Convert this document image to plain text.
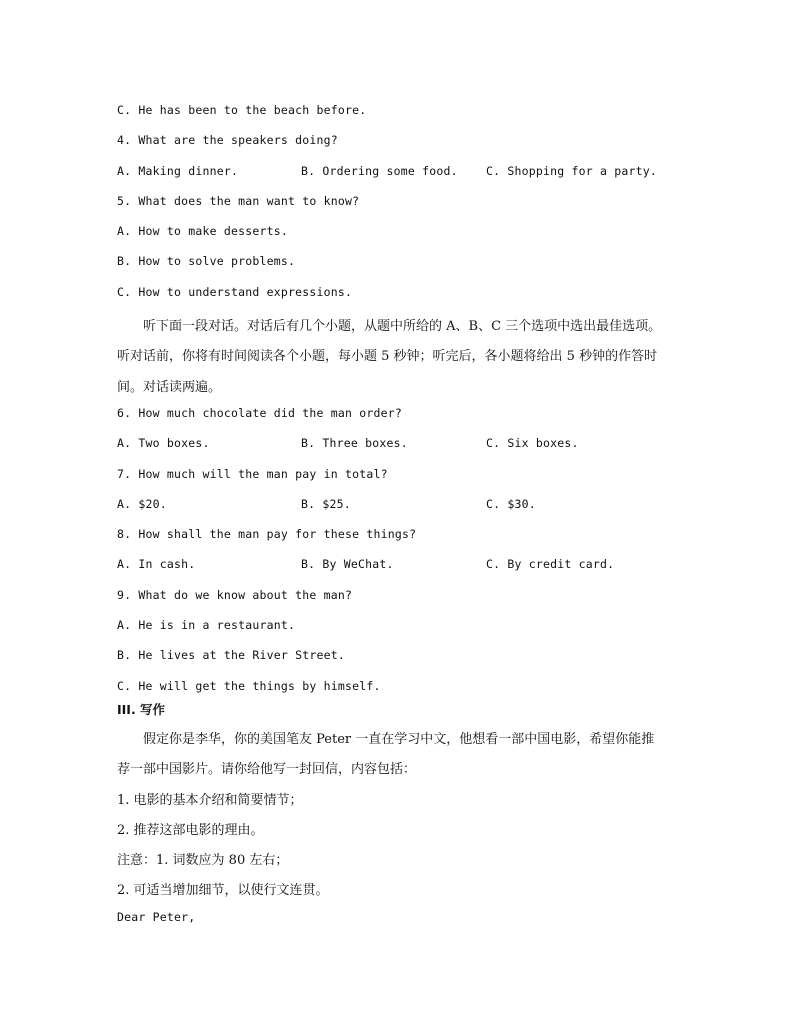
C. He has been to the beach before.
4. What are the speakers doing?
A. Making dinner.	B. Ordering some food. C. Shopping for a party.
5. What does the man want to know?
A. How to make desserts.
B. How to solve problems.
C. How to understand expressions.
听下面一段对话。对话后有几个小题，从题中所给的 A、B、C 三个选项中选出最佳选项。
听对话前，你将有时间阅读各个小题，每小题 5 秒钟；听完后，各小题将给出 5 秒钟的作答时
间。对话读两遍。
6. How much chocolate did the man order?
A. Two boxes.	B. Three boxes.	C. Six boxes.
7. How much will the man pay in total?
A. $20.	B. $25.	C. $30.
8. How shall the man pay for these things?
A. In cash.	B. By WeChat.	C. By credit card.
9. What do we know about the man?
A. He is in a restaurant.
B. He lives at the River Street.
C. He will get the things by himself.
III. 写作
假定你是李华，你的美国笔友 Peter 一直在学习中文，他想看一部中国电影，希望你能推
荐一部中国影片。请你给他写一封回信，内容包括：
1. 电影的基本介绍和简要情节；
2. 推荐这部电影的理由。
注意：1. 词数应为 80 左右；
2. 可适当增加细节，以使行文连贯。
Dear Peter,
